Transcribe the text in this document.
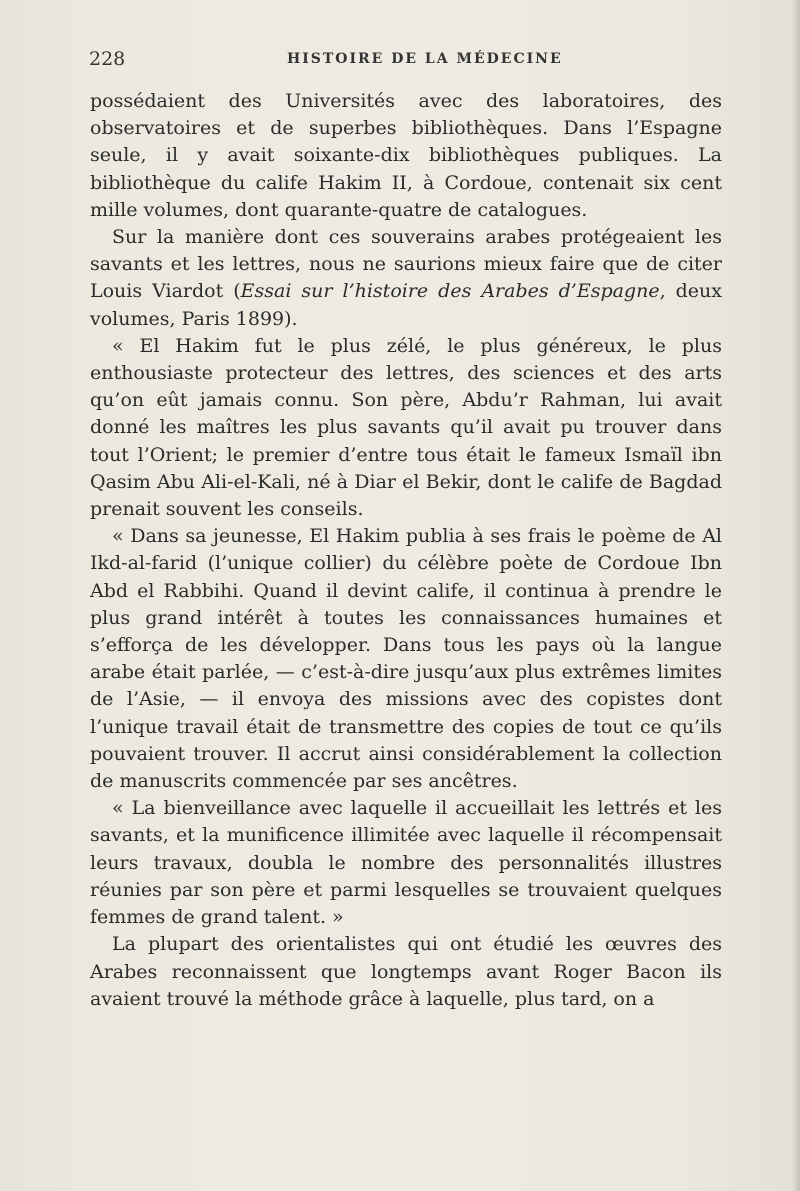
228	HISTOIRE DE LA MÉDECINE

possédaient des Universités avec des laboratoires, des observatoires et de superbes bibliothèques. Dans l’Espagne seule, il y avait soixante-dix bibliothèques publiques. La bibliothèque du calife Hakim II, à Cordoue, contenait six cent mille volumes, dont quarante-quatre de catalogues.

Sur la manière dont ces souverains arabes protégeaient les savants et les lettres, nous ne saurions mieux faire que de citer Louis Viardot (Essai sur l’histoire des Arabes d’Espagne, deux volumes, Paris 1899).

« El Hakim fut le plus zélé, le plus généreux, le plus enthousiaste protecteur des lettres, des sciences et des arts qu’on eût jamais connu. Son père, Abdu’r Rahman, lui avait donné les maîtres les plus savants qu’il avait pu trouver dans tout l’Orient; le premier d’entre tous était le fameux Ismaïl ibn Qasim Abu Ali-el-Kali, né à Diar el Bekir, dont le calife de Bagdad prenait souvent les conseils.

« Dans sa jeunesse, El Hakim publia à ses frais le poème de Al Ikd-al-farid (l’unique collier) du célèbre poète de Cordoue Ibn Abd el Rabbihi. Quand il devint calife, il continua à prendre le plus grand intérêt à toutes les connaissances humaines et s’efforça de les développer. Dans tous les pays où la langue arabe était parlée, — c’est-à-dire jusqu’aux plus extrêmes limites de l’Asie, — il envoya des missions avec des copistes dont l’unique travail était de transmettre des copies de tout ce qu’ils pouvaient trouver. Il accrut ainsi considérablement la collection de manuscrits commencée par ses ancêtres.

« La bienveillance avec laquelle il accueillait les lettrés et les savants, et la munificence illimitée avec laquelle il récompensait leurs travaux, doubla le nombre des personnalités illustres réunies par son père et parmi lesquelles se trouvaient quelques femmes de grand talent. »

La plupart des orientalistes qui ont étudié les œuvres des Arabes reconnaissent que longtemps avant Roger Bacon ils avaient trouvé la méthode grâce à laquelle, plus tard, on a
